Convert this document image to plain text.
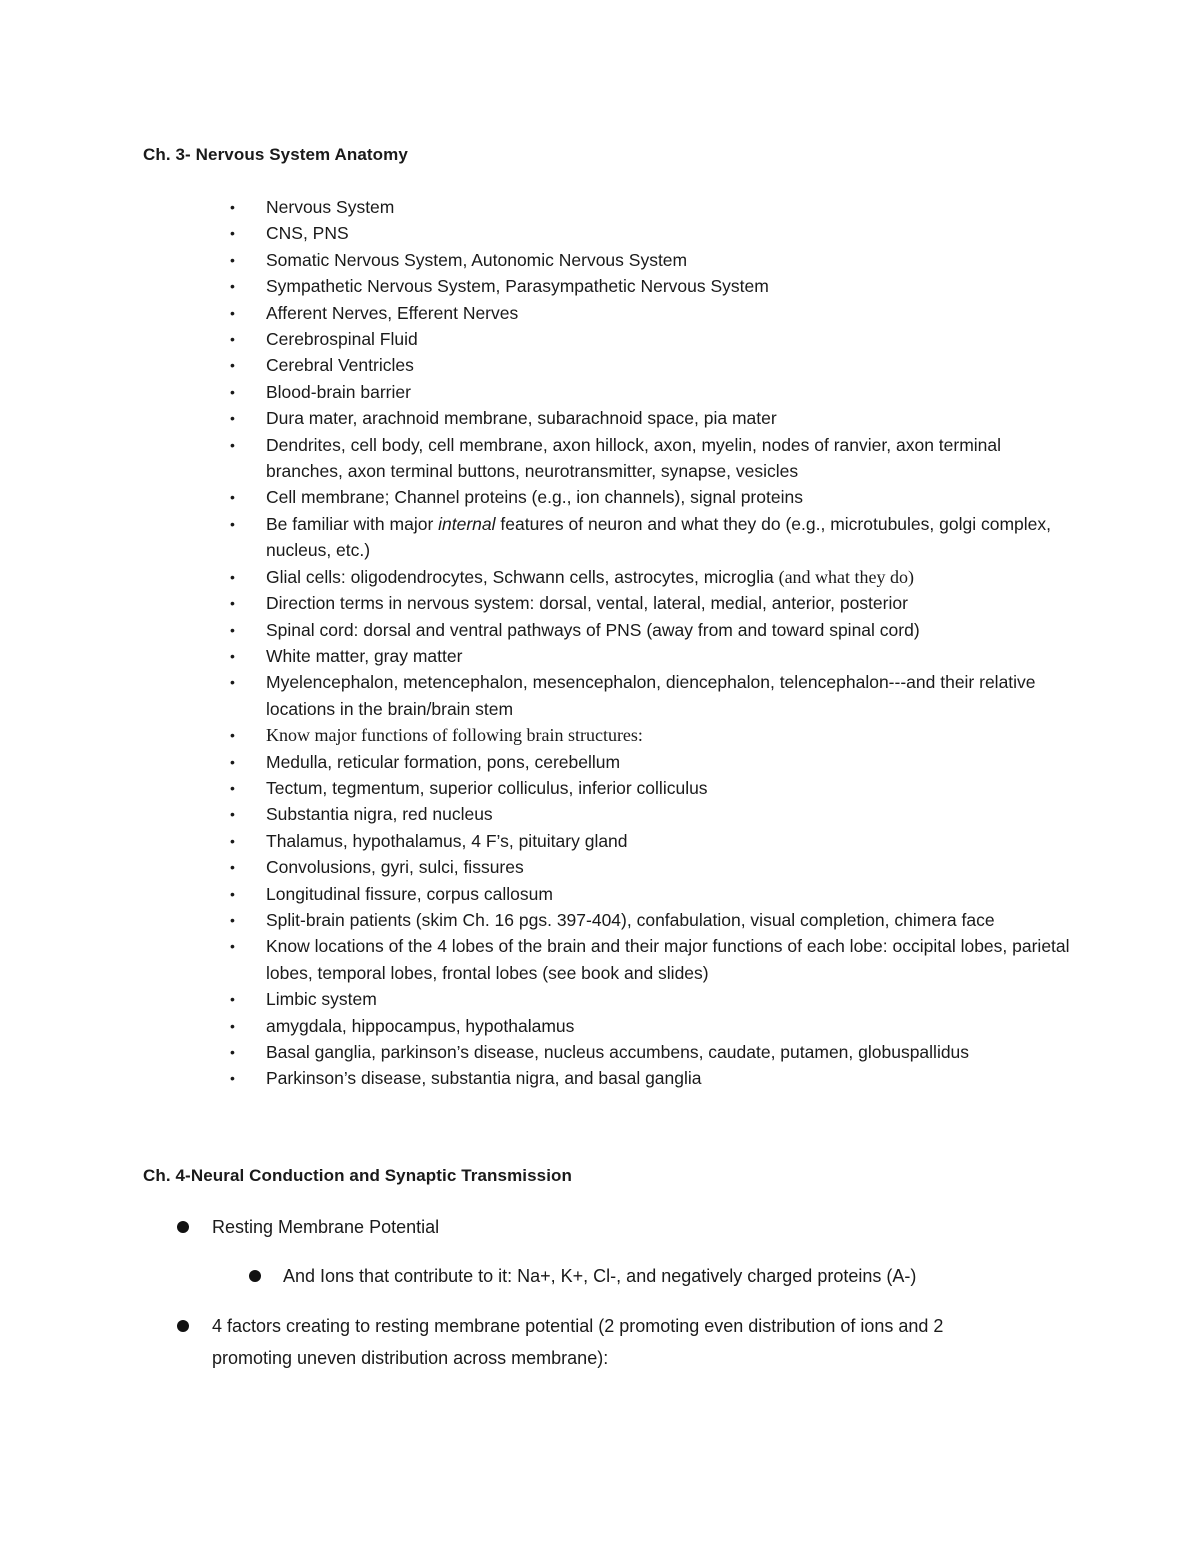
Ch. 3- Nervous System Anatomy
•	Nervous System
•	CNS, PNS
•	Somatic Nervous System, Autonomic Nervous System
•	Sympathetic Nervous System, Parasympathetic Nervous System
•	Afferent Nerves, Efferent Nerves
•	Cerebrospinal Fluid
•	Cerebral Ventricles
•	Blood-brain barrier
•	Dura mater, arachnoid membrane, subarachnoid space, pia mater
•	Dendrites, cell body, cell membrane, axon hillock, axon, myelin, nodes of ranvier, axon terminal branches, axon terminal buttons, neurotransmitter, synapse, vesicles
•	Cell membrane; Channel proteins (e.g., ion channels), signal proteins
•	Be familiar with major internal features of neuron and what they do (e.g., microtubules, golgi complex, nucleus, etc.)
•	Glial cells: oligodendrocytes, Schwann cells, astrocytes, microglia (and what they do)
•	Direction terms in nervous system: dorsal, vental, lateral, medial, anterior, posterior
•	Spinal cord: dorsal and ventral pathways of PNS (away from and toward spinal cord)
•	White matter, gray matter
•	Myelencephalon, metencephalon, mesencephalon, diencephalon, telencephalon---and their relative locations in the brain/brain stem
•	Know major functions of following brain structures:
•	Medulla, reticular formation, pons, cerebellum
•	Tectum, tegmentum, superior colliculus, inferior colliculus
•	Substantia nigra, red nucleus
•	Thalamus, hypothalamus, 4 F’s, pituitary gland
•	Convolusions, gyri, sulci, fissures
•	Longitudinal fissure, corpus callosum
•	Split-brain patients (skim Ch. 16 pgs. 397-404), confabulation, visual completion, chimera face
•	Know locations of the 4 lobes of the brain and their major functions of each lobe: occipital lobes, parietal lobes, temporal lobes, frontal lobes (see book and slides)
•	Limbic system
•	amygdala, hippocampus, hypothalamus
•	Basal ganglia, parkinson’s disease, nucleus accumbens, caudate, putamen, globuspallidus
•	Parkinson’s disease, substantia nigra, and basal ganglia
Ch. 4-Neural Conduction and Synaptic Transmission
Resting Membrane Potential
And Ions that contribute to it: Na+, K+, Cl-, and negatively charged proteins (A-)
4 factors creating to resting membrane potential (2 promoting even distribution of ions and 2
promoting uneven distribution across membrane):
